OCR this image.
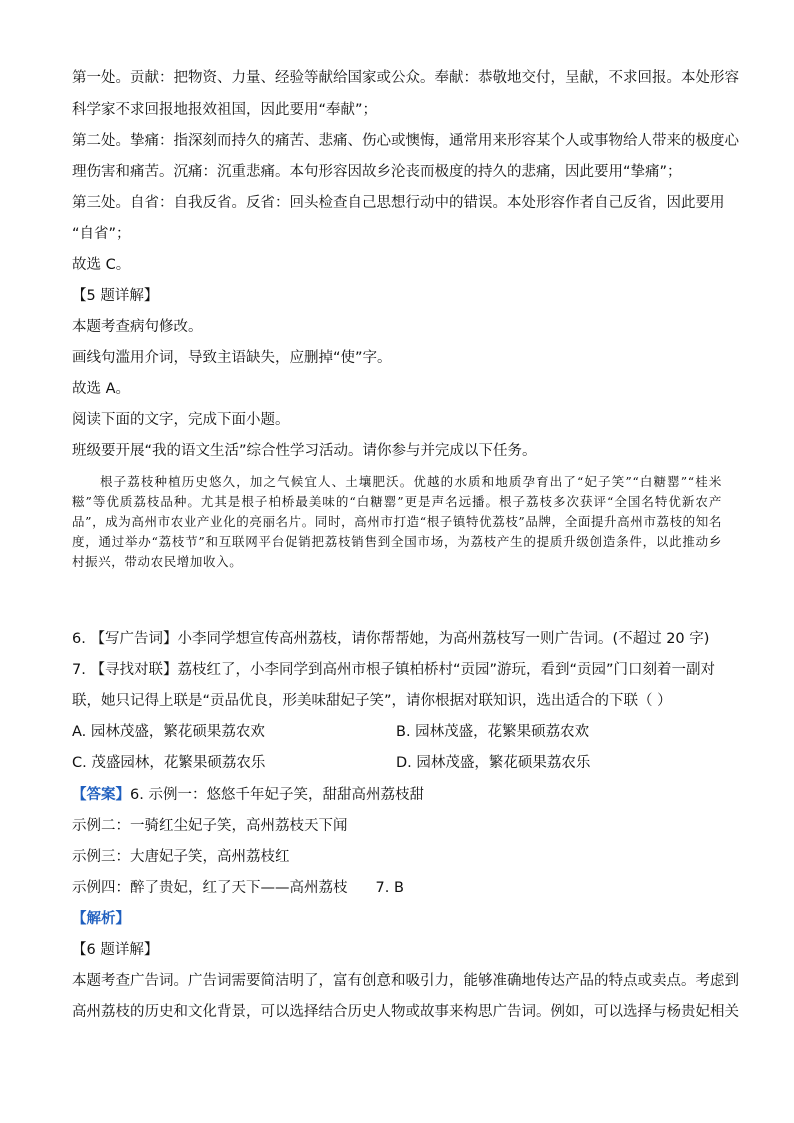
第一处。贡献：把物资、力量、经验等献给国家或公众。奉献：恭敬地交付，呈献，不求回报。本处形容
科学家不求回报地报效祖国，因此要用“奉献”；
第二处。挚痛：指深刻而持久的痛苦、悲痛、伤心或懊悔，通常用来形容某个人或事物给人带来的极度心
理伤害和痛苦。沉痛：沉重悲痛。本句形容因故乡沦丧而极度的持久的悲痛，因此要用“挚痛”；
第三处。自省：自我反省。反省：回头检查自己思想行动中的错误。本处形容作者自己反省，因此要用
“自省”；
故选 C。
【5 题详解】
本题考查病句修改。
画线句滥用介词，导致主语缺失，应删掉“使”字。
故选 A。
阅读下面的文字，完成下面小题。
班级要开展“我的语文生活”综合性学习活动。请你参与并完成以下任务。

根子荔枝种植历史悠久，加之气候宜人、土壤肥沃。优越的水质和地质孕育出了“妃子笑”“白糖罂”“桂米糍”等优质荔枝品种。尤其是根子柏桥最美味的“白糖罂”更是声名远播。根子荔枝多次获评“全国名特优新农产品”，成为高州市农业产业化的亮丽名片。同时，高州市打造“根子镇特优荔枝”品牌，全面提升高州市荔枝的知名度，通过举办“荔枝节”和互联网平台促销把荔枝销售到全国市场，为荔枝产生的提质升级创造条件，以此推动乡村振兴，带动农民增加收入。

6. 【写广告词】小李同学想宣传高州荔枝，请你帮帮她，为高州荔枝写一则广告词。(不超过 20 字)
7. 【寻找对联】荔枝红了，小李同学到高州市根子镇柏桥村“贡园”游玩，看到“贡园”门口刻着一副对
联，她只记得上联是“贡品优良，形美味甜妃子笑”，请你根据对联知识，选出适合的下联（ ）
A. 园林茂盛，繁花硕果荔农欢	B. 园林茂盛，花繁果硕荔农欢
C. 茂盛园林，花繁果硕荔农乐	D. 园林茂盛，繁花硕果荔农乐
【答案】6. 示例一：悠悠千年妃子笑，甜甜高州荔枝甜
示例二：一骑红尘妃子笑，高州荔枝天下闻
示例三：大唐妃子笑，高州荔枝红
示例四：醉了贵妃，红了天下——高州荔枝 7. B
【解析】
【6 题详解】
本题考查广告词。广告词需要简洁明了，富有创意和吸引力，能够准确地传达产品的特点或卖点。考虑到
高州荔枝的历史和文化背景，可以选择结合历史人物或故事来构思广告词。例如，可以选择与杨贵妃相关
